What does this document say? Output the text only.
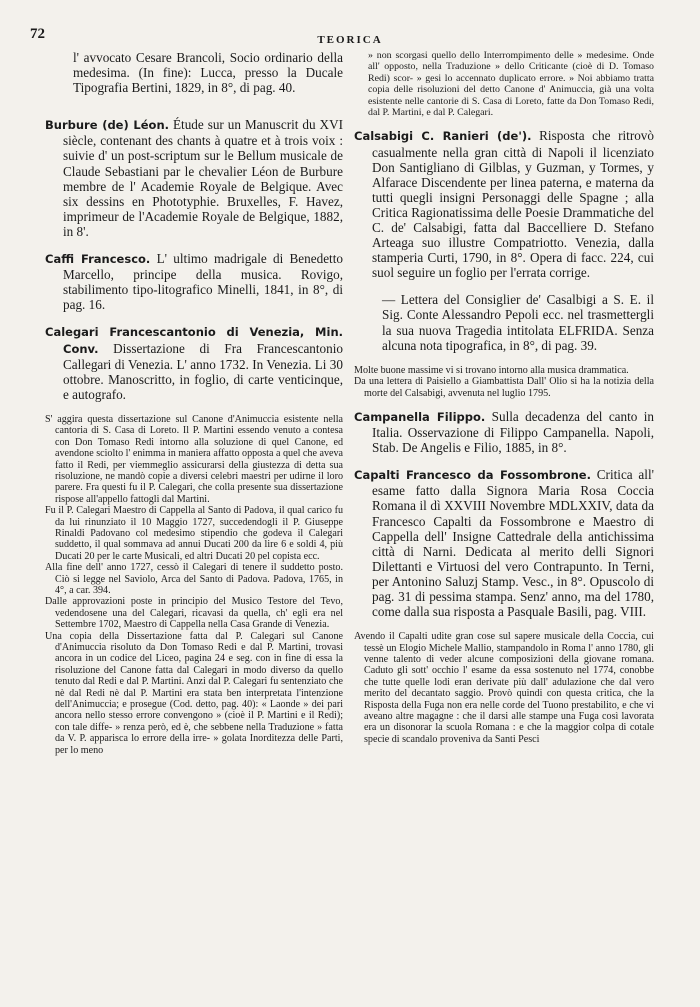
72	TEORICA

l' avvocato Cesare Brancoli, Socio ordinario della medesima. (In fine): Lucca, presso la Ducale Tipografia Bertini, 1829, in 8°, di pag. 40.

Burbure (de) Léon. Étude sur un Manuscrit du XVI siècle, contenant des chants à quatre et à trois voix : suivie d' un post-scriptum sur le Bellum musicale de Claude Sebastiani par le chevalier Léon de Burbure membre de l' Academie Royale de Belgique. Avec six dessins en Phototyphie. Bruxelles, F. Havez, imprimeur de l'Academie Royale de Belgique, 1882, in 8'.

Caffi Francesco. L' ultimo madrigale di Benedetto Marcello, principe della musica. Rovigo, stabilimento tipo-litografico Minelli, 1841, in 8°, di pag. 16.

Calegari Francescantonio di Venezia, Min. Conv. Dissertazione di Fra Francescantonio Callegari di Venezia. L' anno 1732. In Venezia. Li 30 ottobre. Manoscritto, in foglio, di carte venticinque, e autografo.

S' aggira questa dissertazione sul Canone d'Animuccia esistente nella cantoria di S. Casa di Loreto. Il P. Martini essendo venuto a contesa con Don Tomaso Redi intorno alla soluzione di quel Canone, ed avendone sciolto l' enimma in maniera affatto opposta a quel che aveva fatto il Redi, per viemmeglio assicurarsi della giustezza di detta sua risoluzione, ne mandò copie a diversi celebri maestri per udirne il loro parere. Fra questi fu il P. Calegari, che colla presente sua dissertazione rispose all'appello fattogli dal Martini.

Fu il P. Calegari Maestro di Cappella al Santo di Padova, il qual carico fu da lui rinunziato il 10 Maggio 1727, succedendogli il P. Giuseppe Rinaldi Padovano col medesimo stipendio che godeva il Calegari suddetto, il qual sommava ad annui Ducati 200 da lire 6 e soldi 4, più Ducati 20 per le carte Musicali, ed altri Ducati 20 pel copista ecc.

Alla fine dell' anno 1727, cessò il Calegari di tenere il suddetto posto. Ciò si legge nel Saviolo, Arca del Santo di Padova. Padova, 1765, in 4°, a car. 394.

Dalle approvazioni poste in principio del Musico Testore del Tevo, vedendosene una del Calegari, ricavasi da quella, ch' egli era nel Settembre 1702, Maestro di Cappella nella Casa Grande di Venezia.

Una copia della Dissertazione fatta dal P. Calegari sul Canone d'Animuccia risoluto da Don Tomaso Redi e dal P. Martini, trovasi ancora in un codice del Liceo, pagina 24 e seg. con in fine di essa la risoluzione del Canone fatta dal Calegari in modo diverso da quello tenuto dal Redi e dal P. Martini. Anzi dal P. Calegari fu sentenziato che nè dal Redi nè dal P. Martini era stata ben interpretata l'intenzione dell'Animuccia; e prosegue (Cod. detto, pag. 40): « Laonde » dei pari ancora nello stesso errore convengono » (cioè il P. Martini e il Redi); con tale diffe- » renza però, ed è, che sebbene nella Traduzione » fatta da V. P. apparisca lo errore della irre- » golata Inorditezza delle Parti, per lo meno

» non scorgasi quello dello Interrompimento delle » medesime. Onde all' opposto, nella Traduzione » dello Criticante (cioè di D. Tomaso Redi) scor- » gesi lo accennato duplicato errore. » Noi abbiamo tratta copia delle risoluzioni del detto Canone d' Animuccia, già una volta esistente nelle cantorie di S. Casa di Loreto, fatte da Don Tomaso Redi, dal P. Martini, e dal P. Calegari.

Calsabigi C. Ranieri (de'). Risposta che ritrovò casualmente nella gran città di Napoli il licenziato Don Santigliano di Gilblas, y Guzman, y Tormes, y Alfarace Discendente per linea paterna, e materna da tutti quegli insigni Personaggi delle Spagne ; alla Critica Ragionatissima delle Poesie Drammatiche del C. de' Calsabigi, fatta dal Baccelliere D. Stefano Arteaga suo illustre Compatriotto. Venezia, dalla stamperia Curti, 1790, in 8°. Opera di facc. 224, cui suol seguire un foglio per l'errata corrige.

— Lettera del Consiglier de' Casalbigi a S. E. il Sig. Conte Alessandro Pepoli ecc. nel trasmettergli la sua nuova Tragedia intitolata ELFRIDA. Senza alcuna nota tipografica, in 8°, di pag. 39.

Molte buone massime vi si trovano intorno alla musica drammatica.

Da una lettera di Paisiello a Giambattista Dall' Olio si ha la notizia della morte del Calsabigi, avvenuta nel luglio 1795.

Campanella Filippo. Sulla decadenza del canto in Italia. Osservazione di Filippo Campanella. Napoli, Stab. De Angelis e Filio, 1885, in 8°.

Capalti Francesco da Fossombrone. Critica all' esame fatto dalla Signora Maria Rosa Coccia Romana il dì XXVIII Novembre MDLXXIV, data da Francesco Capalti da Fossombrone e Maestro di Cappella dell' Insigne Cattedrale della antichissima città di Narni. Dedicata al merito delli Signori Dilettanti e Virtuosi del vero Contrapunto. In Terni, per Antonino Saluzj Stamp. Vesc., in 8°. Opuscolo di pag. 31 di pessima stampa. Senz' anno, ma del 1780, come dalla sua risposta a Pasquale Basili, pag. VIII.

Avendo il Capalti udite gran cose sul sapere musicale della Coccia, cui tessè un Elogio Michele Mallio, stampandolo in Roma l' anno 1780, gli venne talento di veder alcune composizioni della giovane romana. Caduto gli sott' occhio l' esame da essa sostenuto nel 1774, conobbe che tutte quelle lodi eran derivate più dall' adulazione che dal vero merito del decantato saggio. Provò quindi con questa critica, che la Risposta della Fuga non era nelle corde del Tuono prestabilito, e che vi aveano altre magagne : che il darsi alle stampe una Fuga così lavorata era un disonorar la scuola Romana : e che la maggior colpa di cotale specie di scandalo proveniva da Santi Pesci
